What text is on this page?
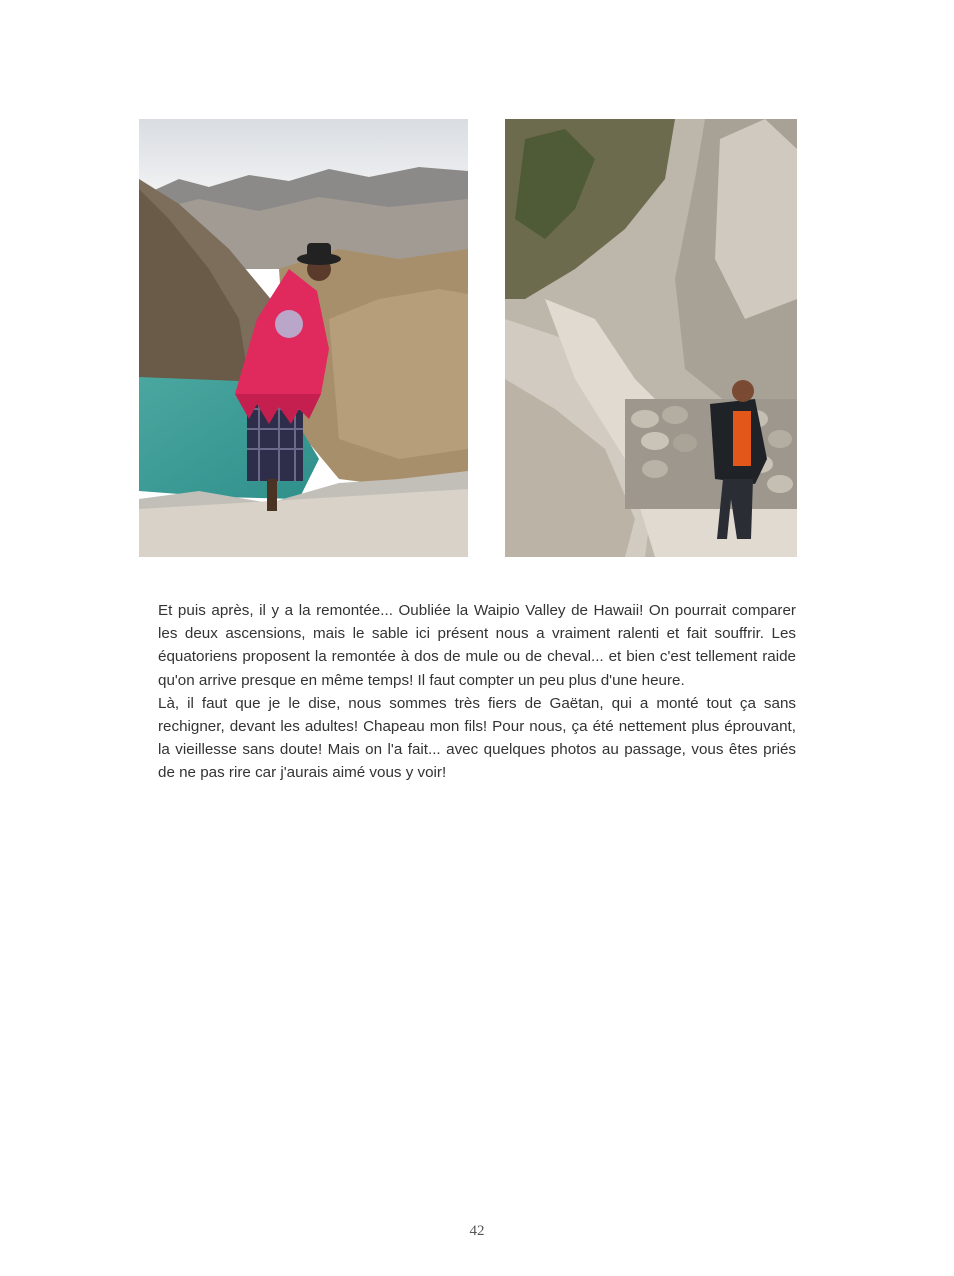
Et puis après, il y a la remontée... Oubliée la Waipio Valley de Hawaii! On pourrait comparer les deux ascensions, mais le sable ici présent nous a vraiment ralenti et fait souffrir. Les équatoriens proposent la remontée à dos de mule ou de cheval... et bien c'est tellement raide qu'on arrive presque en même temps! Il faut compter un peu plus d'une heure.

Là, il faut que je le dise, nous sommes très fiers de Gaëtan, qui a monté tout ça sans rechigner, devant les adultes! Chapeau mon fils! Pour nous, ça été nettement plus éprouvant, la vieillesse sans doute! Mais on l'a fait... avec quelques photos au passage, vous êtes priés de ne pas rire car j'aurais aimé vous y voir!

42
